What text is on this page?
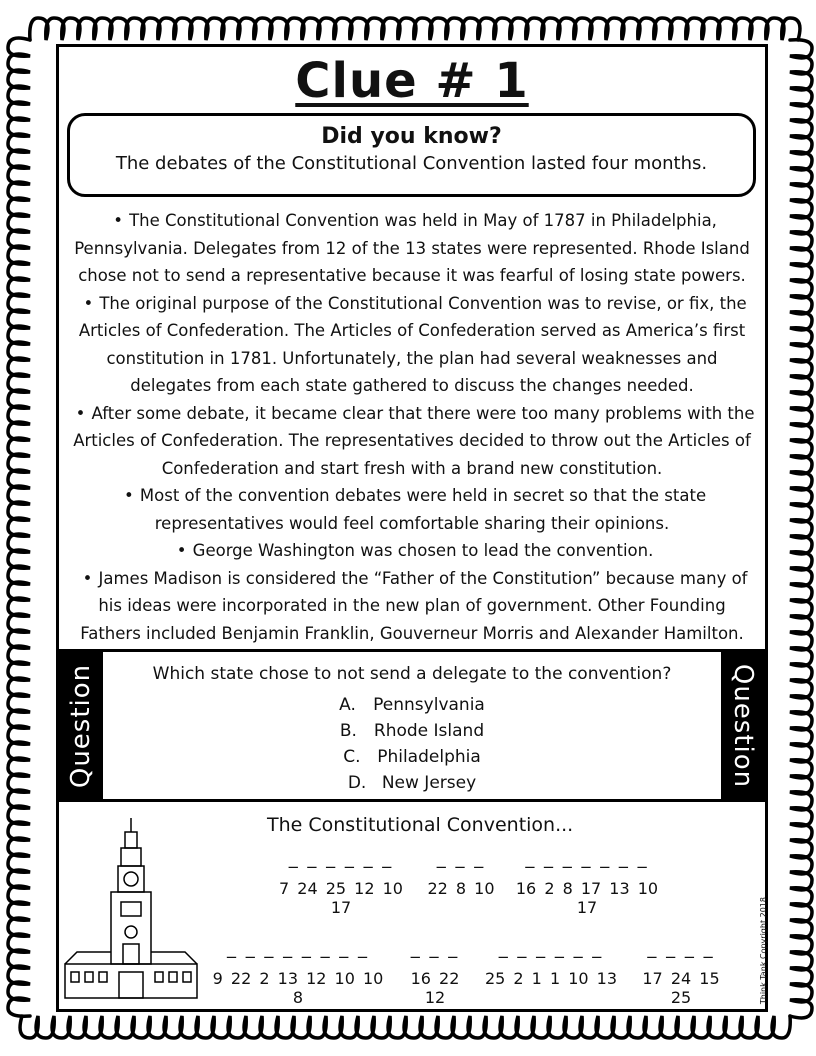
Clue # 1
Did you know?
The debates of the Constitutional Convention lasted four months.
• The Constitutional Convention was held in May of 1787 in Philadelphia, Pennsylvania. Delegates from 12 of the 13 states were represented. Rhode Island chose not to send a representative because it was fearful of losing state powers.
• The original purpose of the Constitutional Convention was to revise, or fix, the Articles of Confederation. The Articles of Confederation served as America’s first constitution in 1781. Unfortunately, the plan had several weaknesses and delegates from each state gathered to discuss the changes needed.
• After some debate, it became clear that there were too many problems with the Articles of Confederation. The representatives decided to throw out the Articles of Confederation and start fresh with a brand new constitution.
• Most of the convention debates were held in secret so that the state representatives would feel comfortable sharing their opinions.
• George Washington was chosen to lead the convention.
• James Madison is considered the “Father of the Constitution” because many of his ideas were incorporated in the new plan of government. Other Founding Fathers included Benjamin Franklin, Gouverneur Morris and Alexander Hamilton.
Question	Question
Which state chose to not send a delegate to the convention?
A. Pennsylvania
B. Rhode Island
C. Philadelphia
D. New Jersey
The Constitutional Convention...
_ _ _ _ _ _
7 24 25 12 10 17
_ _ _
22 8 10
_ _ _ _ _ _ _
16 2 8 17 13 10 17
_ _ _ _ _ _ _ _
9 22 2 13 12 10 10 8
_ _ _
16 22 12
_ _ _ _ _ _
25 2 1 1 10 13
_ _ _ _
17 24 15 25	Think Tank Copyright 2018
